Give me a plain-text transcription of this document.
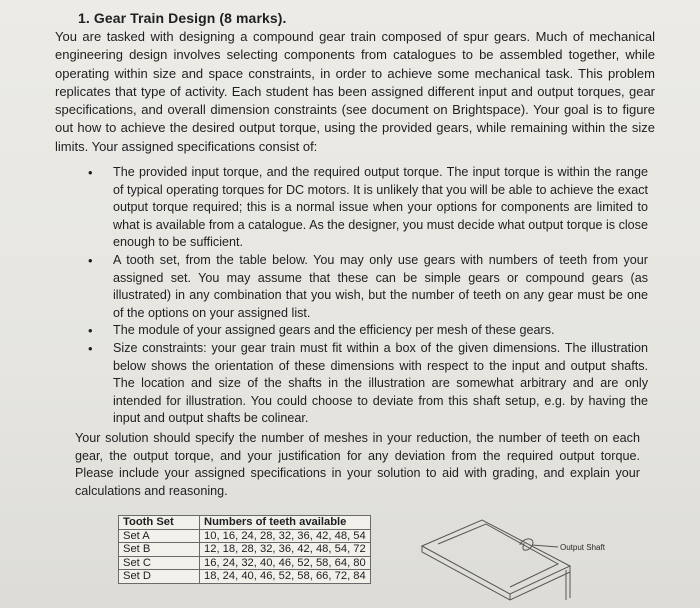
1. Gear Train Design (8 marks).

You are tasked with designing a compound gear train composed of spur gears. Much of mechanical engineering design involves selecting components from catalogues to be assembled together, while operating within size and space constraints, in order to achieve some mechanical task. This problem replicates that type of activity. Each student has been assigned different input and output torques, gear specifications, and overall dimension constraints (see document on Brightspace). Your goal is to figure out how to achieve the desired output torque, using the provided gears, while remaining within the size limits. Your assigned specifications consist of:

• The provided input torque, and the required output torque. The input torque is within the range of typical operating torques for DC motors. It is unlikely that you will be able to achieve the exact output torque required; this is a normal issue when your options for components are limited to what is available from a catalogue. As the designer, you must decide what output torque is close enough to be sufficient.
• A tooth set, from the table below. You may only use gears with numbers of teeth from your assigned set. You may assume that these can be simple gears or compound gears (as illustrated) in any combination that you wish, but the number of teeth on any gear must be one of the options on your assigned list.
• The module of your assigned gears and the efficiency per mesh of these gears.
• Size constraints: your gear train must fit within a box of the given dimensions. The illustration below shows the orientation of these dimensions with respect to the input and output shafts. The location and size of the shafts in the illustration are somewhat arbitrary and are only intended for illustration. You could choose to deviate from this shaft setup, e.g. by having the input and output shafts be colinear.

Your solution should specify the number of meshes in your reduction, the number of teeth on each gear, the output torque, and your justification for any deviation from the required output torque. Please include your assigned specifications in your solution to aid with grading, and explain your calculations and reasoning.

Tooth Set	Numbers of teeth available
Set A	10, 16, 24, 28, 32, 36, 42, 48, 54
Set B	12, 18, 28, 32, 36, 42, 48, 54, 72
Set C	16, 24, 32, 40, 46, 52, 58, 64, 80
Set D	18, 24, 40, 46, 52, 58, 66, 72, 84
Output Shaft
